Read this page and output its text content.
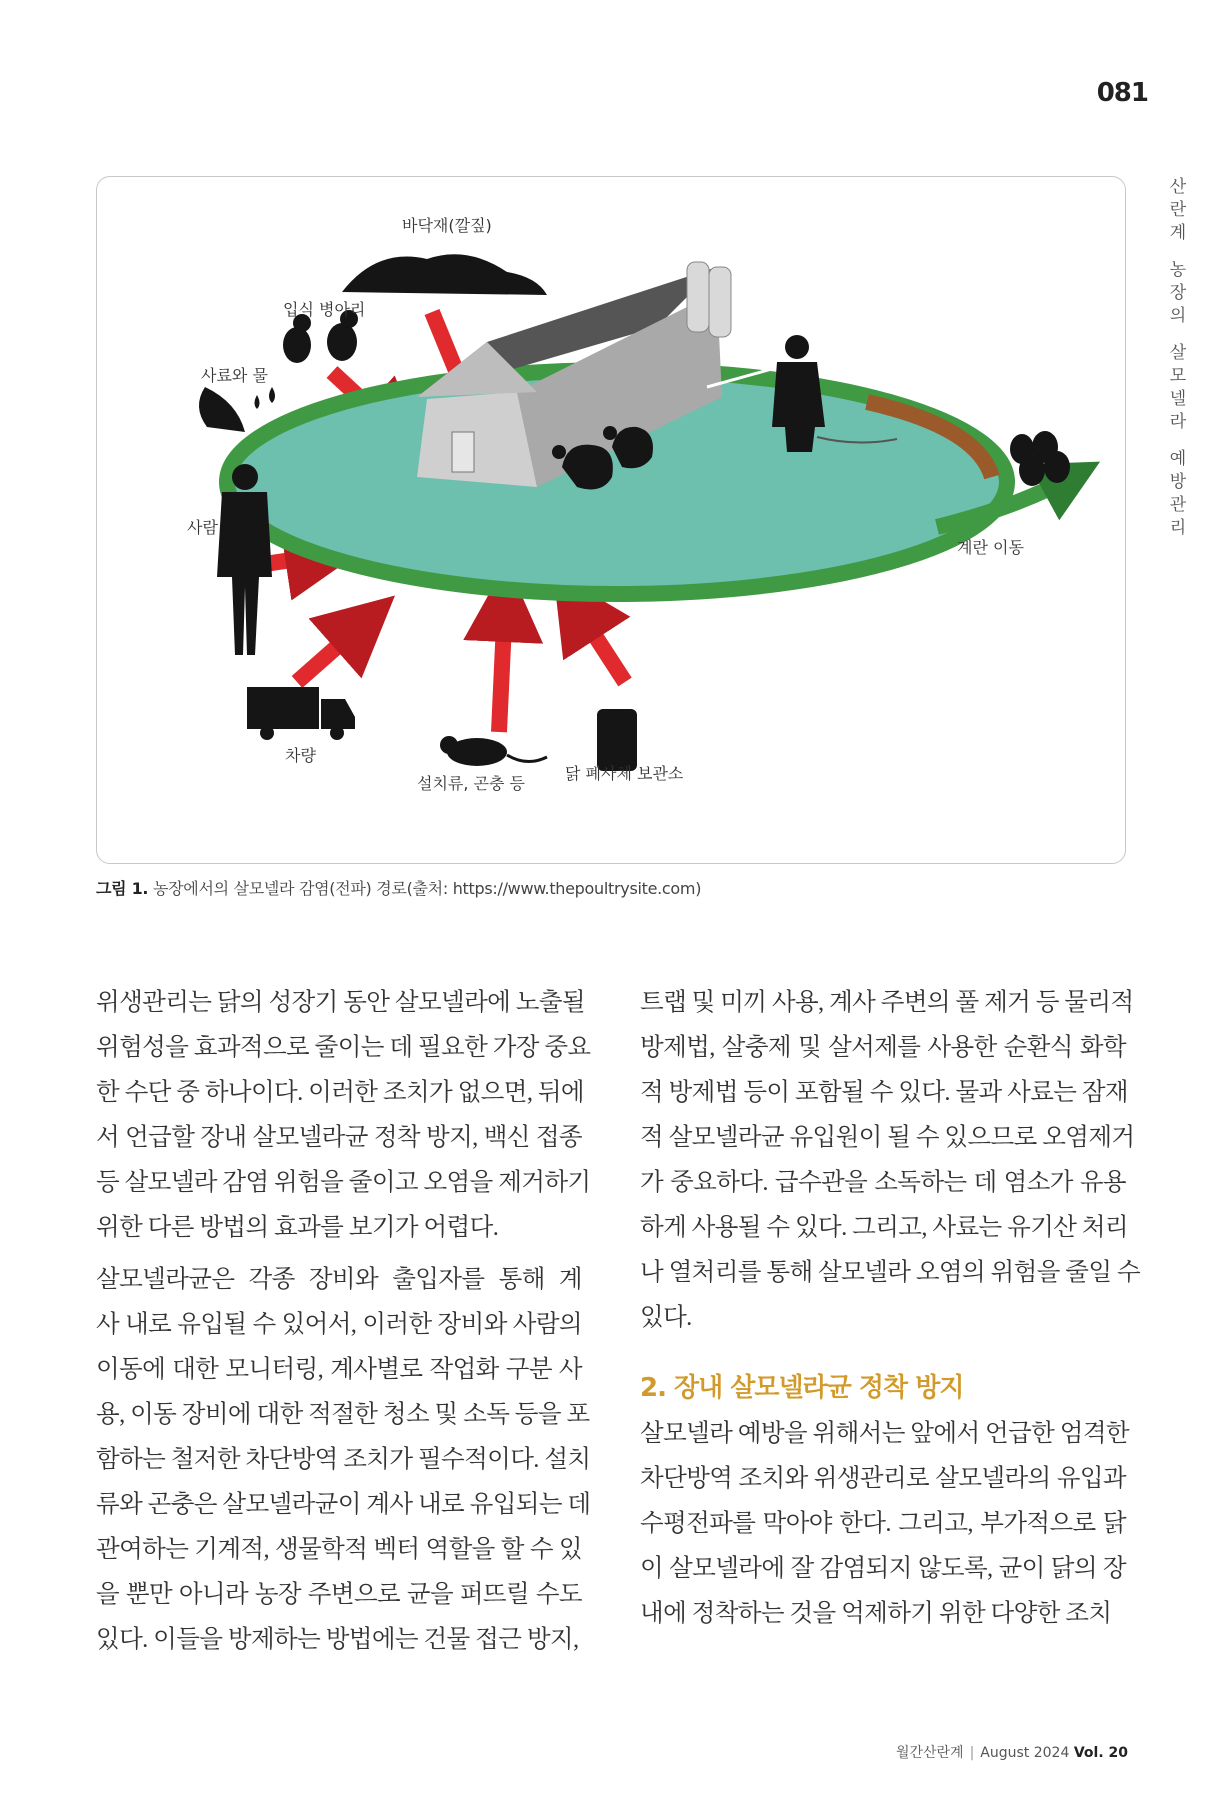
081
산
란
계
농
장
의
살
모
넬
라
예
방
관
리
바닥재(깔짚)
입식 병아리
사료와 물
사람
차량
설치류, 곤충 등
닭 폐사체 보관소
계란 이동
그림 1. 농장에서의 살모넬라 감염(전파) 경로(출처: https://www.thepoultrysite.com)
위생관리는 닭의 성장기 동안 살모넬라에 노출될
위험성을 효과적으로 줄이는 데 필요한 가장 중요
한 수단 중 하나이다. 이러한 조치가 없으면, 뒤에
서 언급할 장내 살모넬라균 정착 방지, 백신 접종
등 살모넬라 감염 위험을 줄이고 오염을 제거하기
위한 다른 방법의 효과를 보기가 어렵다.
살모넬라균은 각종 장비와 출입자를 통해 계
사 내로 유입될 수 있어서, 이러한 장비와 사람의
이동에 대한 모니터링, 계사별로 작업화 구분 사
용, 이동 장비에 대한 적절한 청소 및 소독 등을 포
함하는 철저한 차단방역 조치가 필수적이다. 설치
류와 곤충은 살모넬라균이 계사 내로 유입되는 데
관여하는 기계적, 생물학적 벡터 역할을 할 수 있
을 뿐만 아니라 농장 주변으로 균을 퍼뜨릴 수도
있다. 이들을 방제하는 방법에는 건물 접근 방지,
트랩 및 미끼 사용, 계사 주변의 풀 제거 등 물리적
방제법, 살충제 및 살서제를 사용한 순환식 화학
적 방제법 등이 포함될 수 있다. 물과 사료는 잠재
적 살모넬라균 유입원이 될 수 있으므로 오염제거
가 중요하다. 급수관을 소독하는 데 염소가 유용
하게 사용될 수 있다. 그리고, 사료는 유기산 처리
나 열처리를 통해 살모넬라 오염의 위험을 줄일 수
있다.
2. 장내 살모넬라균 정착 방지
살모넬라 예방을 위해서는 앞에서 언급한 엄격한
차단방역 조치와 위생관리로 살모넬라의 유입과
수평전파를 막아야 한다. 그리고, 부가적으로 닭
이 살모넬라에 잘 감염되지 않도록, 균이 닭의 장
내에 정착하는 것을 억제하기 위한 다양한 조치
월간산란계 | August 2024 Vol. 20
